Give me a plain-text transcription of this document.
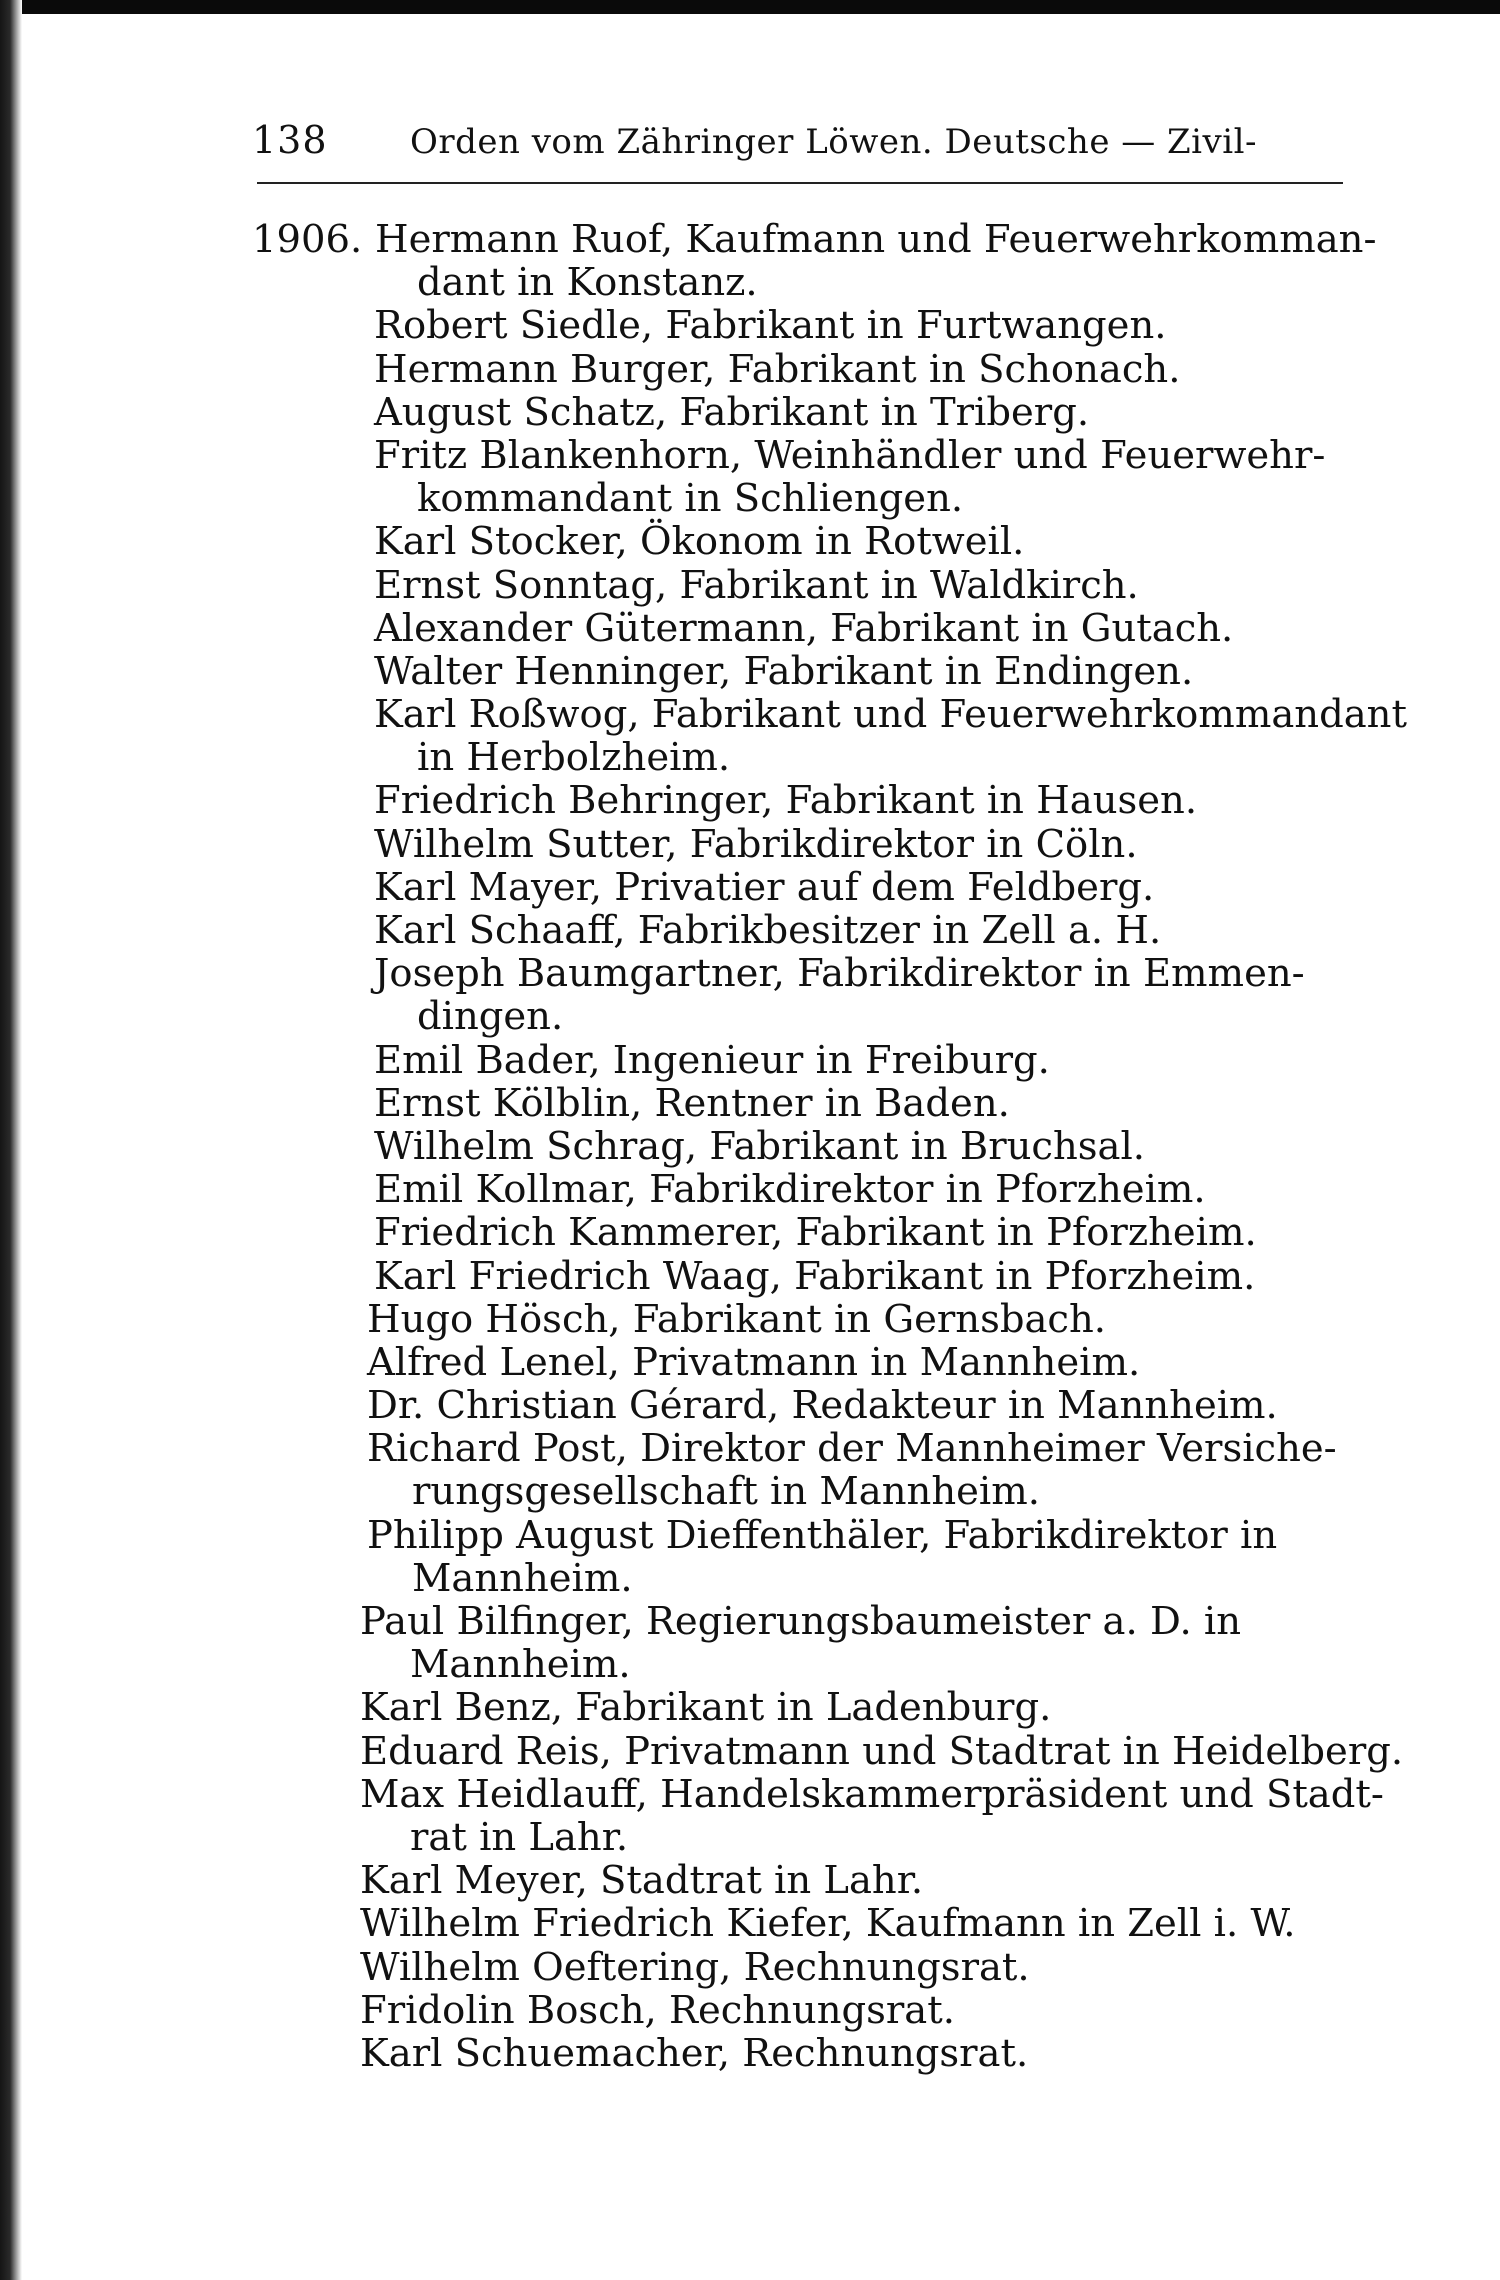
138 Orden vom Zähringer Löwen. Deutsche — Zivil-
1906. Hermann Ruof, Kaufmann und Feuerwehrkomman-
dant in Konstanz.
Robert Siedle, Fabrikant in Furtwangen.
Hermann Burger, Fabrikant in Schonach.
August Schatz, Fabrikant in Triberg.
Fritz Blankenhorn, Weinhändler und Feuerwehr-
kommandant in Schliengen.
Karl Stocker, Ökonom in Rotweil.
Ernst Sonntag, Fabrikant in Waldkirch.
Alexander Gütermann, Fabrikant in Gutach.
Walter Henninger, Fabrikant in Endingen.
Karl Roßwog, Fabrikant und Feuerwehrkommandant
in Herbolzheim.
Friedrich Behringer, Fabrikant in Hausen.
Wilhelm Sutter, Fabrikdirektor in Cöln.
Karl Mayer, Privatier auf dem Feldberg.
Karl Schaaff, Fabrikbesitzer in Zell a. H.
Joseph Baumgartner, Fabrikdirektor in Emmen-
dingen.
Emil Bader, Ingenieur in Freiburg.
Ernst Kölblin, Rentner in Baden.
Wilhelm Schrag, Fabrikant in Bruchsal.
Emil Kollmar, Fabrikdirektor in Pforzheim.
Friedrich Kammerer, Fabrikant in Pforzheim.
Karl Friedrich Waag, Fabrikant in Pforzheim.
Hugo Hösch, Fabrikant in Gernsbach.
Alfred Lenel, Privatmann in Mannheim.
Dr. Christian Gérard, Redakteur in Mannheim.
Richard Post, Direktor der Mannheimer Versiche-
rungsgesellschaft in Mannheim.
Philipp August Dieffenthäler, Fabrikdirektor in
Mannheim.
Paul Bilfinger, Regierungsbaumeister a. D. in
Mannheim.
Karl Benz, Fabrikant in Ladenburg.
Eduard Reis, Privatmann und Stadtrat in Heidelberg.
Max Heidlauff, Handelskammerpräsident und Stadt-
rat in Lahr.
Karl Meyer, Stadtrat in Lahr.
Wilhelm Friedrich Kiefer, Kaufmann in Zell i. W.
Wilhelm Oeftering, Rechnungsrat.
Fridolin Bosch, Rechnungsrat.
Karl Schuemacher, Rechnungsrat.
